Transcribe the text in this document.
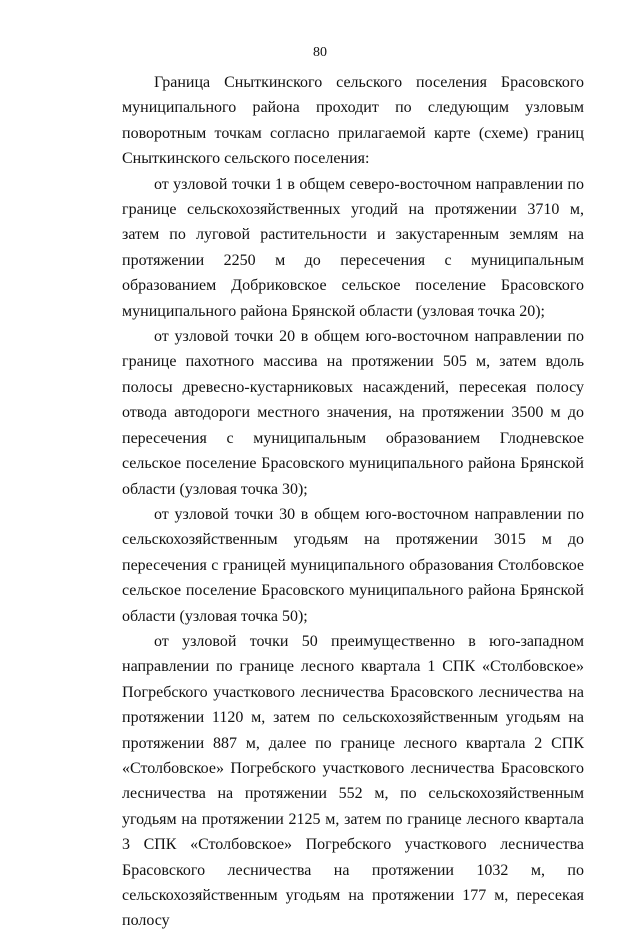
80

Граница Сныткинского сельского поселения Брасовского муниципального района проходит по следующим узловым поворотным точкам согласно прилагаемой карте (схеме) границ Сныткинского сельского поселения:

от узловой точки 1 в общем северо-восточном направлении по границе сельскохозяйственных угодий на протяжении 3710 м, затем по луговой растительности и закустаренным землям на протяжении 2250 м до пересечения с муниципальным образованием Добриковское сельское поселение Брасовского муниципального района Брянской области (узловая точка 20);

от узловой точки 20 в общем юго-восточном направлении по границе пахотного массива на протяжении 505 м, затем вдоль полосы древесно-кустарниковых насаждений, пересекая полосу отвода автодороги местного значения, на протяжении 3500 м до пересечения с муниципальным образованием Глодневское сельское поселение Брасовского муниципального района Брянской области (узловая точка 30);

от узловой точки 30 в общем юго-восточном направлении по сельскохозяйственным угодьям на протяжении 3015 м до пересечения с границей муниципального образования Столбовское сельское поселение Брасовского муниципального района Брянской области (узловая точка 50);

от узловой точки 50 преимущественно в юго-западном направлении по границе лесного квартала 1 СПК «Столбовское» Погребского участкового лесничества Брасовского лесничества на протяжении 1120 м, затем по сельскохозяйственным угодьям на протяжении 887 м, далее по границе лесного квартала 2 СПК «Столбовское» Погребского участкового лесничества Брасовского лесничества на протяжении 552 м, по сельскохозяйственным угодьям на протяжении 2125 м, затем по границе лесного квартала 3 СПК «Столбовское» Погребского участкового лесничества Брасовского лесничества на протяжении 1032 м, по сельскохозяйственным угодьям на протяжении 177 м, пересекая полосу
